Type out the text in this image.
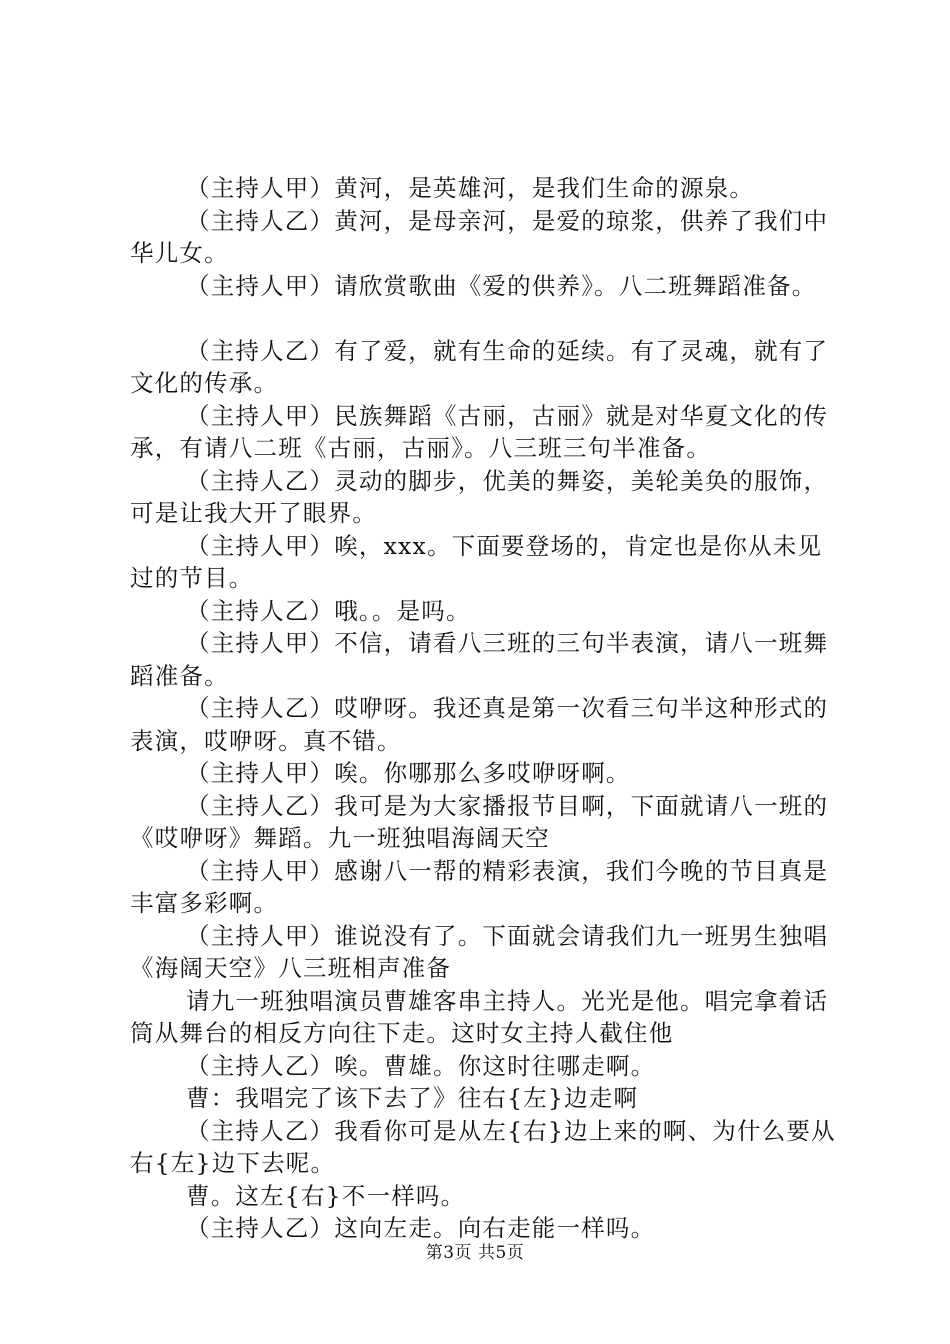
（主持人甲）黄河，是英雄河，是我们生命的源泉。

（主持人乙）黄河，是母亲河，是爱的琼浆，供养了我们中华儿女。

（主持人甲）请欣赏歌曲《爱的供养》。八二班舞蹈准备。

（主持人乙）有了爱，就有生命的延续。有了灵魂，就有了文化的传承。

（主持人甲）民族舞蹈《古丽，古丽》就是对华夏文化的传承，有请八二班《古丽，古丽》。八三班三句半准备。

（主持人乙）灵动的脚步，优美的舞姿，美轮美奂的服饰，可是让我大开了眼界。

（主持人甲）唉，xxx。下面要登场的，肯定也是你从未见过的节目。

（主持人乙）哦。。是吗。

（主持人甲）不信，请看八三班的三句半表演，请八一班舞蹈准备。

（主持人乙）哎咿呀。我还真是第一次看三句半这种形式的表演，哎咿呀。真不错。

（主持人甲）唉。你哪那么多哎咿呀啊。

（主持人乙）我可是为大家播报节目啊，下面就请八一班的《哎咿呀》舞蹈。九一班独唱海阔天空

（主持人甲）感谢八一帮的精彩表演，我们今晚的节目真是丰富多彩啊。

（主持人甲）谁说没有了。下面就会请我们九一班男生独唱《海阔天空》八三班相声准备

请九一班独唱演员曹雄客串主持人。光光是他。唱完拿着话筒从舞台的相反方向往下走。这时女主持人截住他

（主持人乙）唉。曹雄。你这时往哪走啊。

曹：我唱完了该下去了》往右{左}边走啊

（主持人乙）我看你可是从左{右}边上来的啊、为什么要从右{左}边下去呢。

曹。这左{右}不一样吗。

（主持人乙）这向左走。向右走能一样吗。

第3页 共5页
